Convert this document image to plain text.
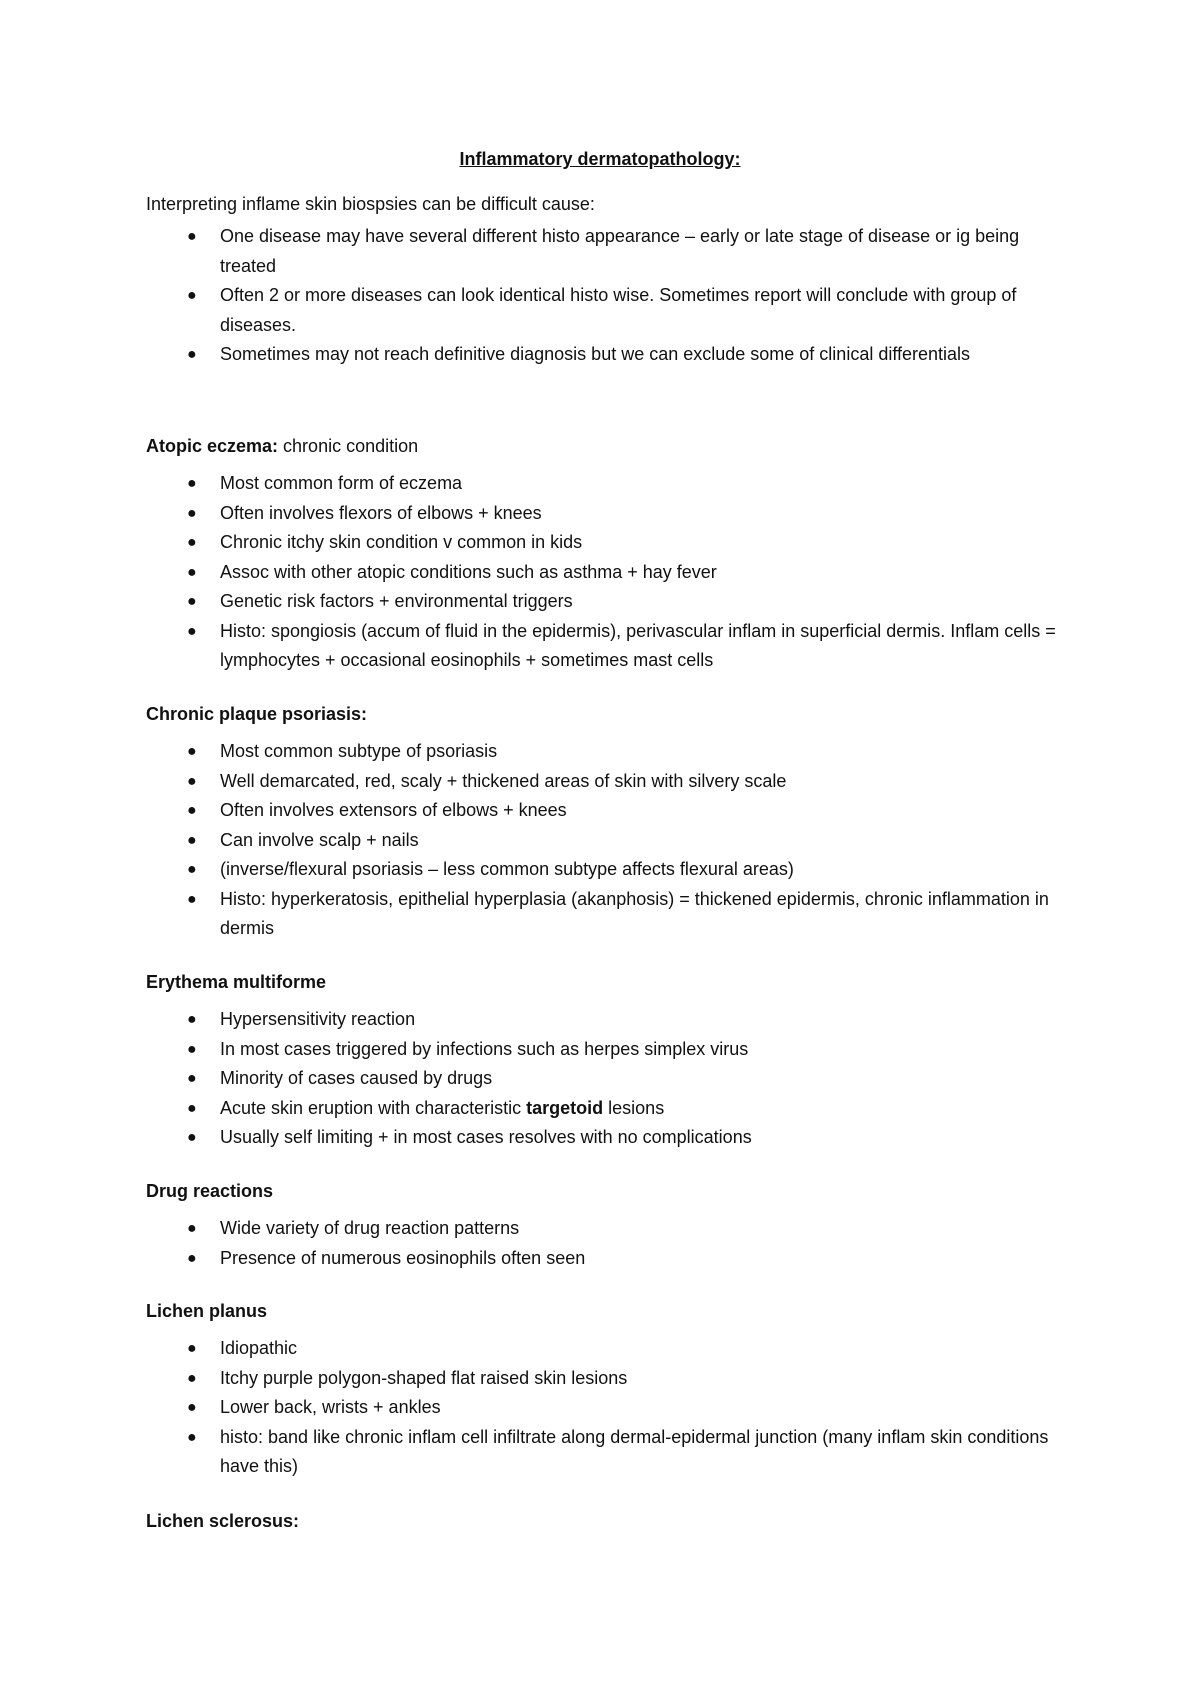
Inflammatory dermatopathology:
Interpreting inflame skin biospsies can be difficult cause:
● One disease may have several different histo appearance – early or late stage of disease or ig being treated
● Often 2 or more diseases can look identical histo wise. Sometimes report will conclude with group of diseases.
● Sometimes may not reach definitive diagnosis but we can exclude some of clinical differentials
Atopic eczema: chronic condition
● Most common form of eczema
● Often involves flexors of elbows + knees
● Chronic itchy skin condition v common in kids
● Assoc with other atopic conditions such as asthma + hay fever
● Genetic risk factors + environmental triggers
● Histo: spongiosis (accum of fluid in the epidermis), perivascular inflam in superficial dermis. Inflam cells = lymphocytes + occasional eosinophils + sometimes mast cells
Chronic plaque psoriasis:
● Most common subtype of psoriasis
● Well demarcated, red, scaly + thickened areas of skin with silvery scale
● Often involves extensors of elbows + knees
● Can involve scalp + nails
● (inverse/flexural psoriasis – less common subtype affects flexural areas)
● Histo: hyperkeratosis, epithelial hyperplasia (akanphosis) = thickened epidermis, chronic inflammation in dermis
Erythema multiforme
● Hypersensitivity reaction
● In most cases triggered by infections such as herpes simplex virus
● Minority of cases caused by drugs
● Acute skin eruption with characteristic targetoid lesions
● Usually self limiting + in most cases resolves with no complications
Drug reactions
● Wide variety of drug reaction patterns
● Presence of numerous eosinophils often seen
Lichen planus
● Idiopathic
● Itchy purple polygon-shaped flat raised skin lesions
● Lower back, wrists + ankles
● histo: band like chronic inflam cell infiltrate along dermal-epidermal junction (many inflam skin conditions have this)
Lichen sclerosus:
